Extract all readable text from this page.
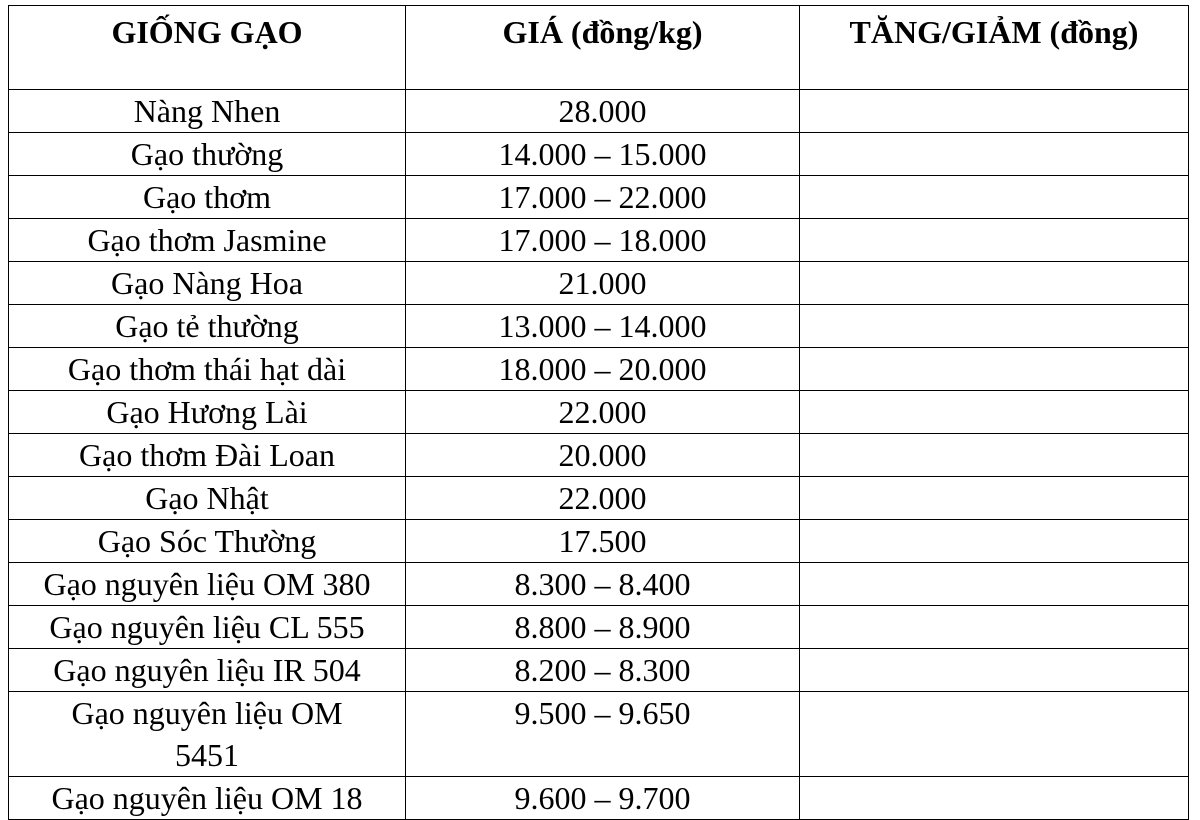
GIỐNG GẠO	GIÁ (đồng/kg)	TĂNG/GIẢM (đồng)
Nàng Nhen	28.000	
Gạo thường	14.000 – 15.000	
Gạo thơm	17.000 – 22.000	
Gạo thơm Jasmine	17.000 – 18.000	
Gạo Nàng Hoa	21.000	
Gạo tẻ thường	13.000 – 14.000	
Gạo thơm thái hạt dài	18.000 – 20.000	
Gạo Hương Lài	22.000	
Gạo thơm Đài Loan	20.000	
Gạo Nhật	22.000	
Gạo Sóc Thường	17.500	
Gạo nguyên liệu OM 380	8.300 – 8.400	
Gạo nguyên liệu CL 555	8.800 – 8.900	
Gạo nguyên liệu IR 504	8.200 – 8.300	
Gạo nguyên liệu OM 5451	9.500 – 9.650	
Gạo nguyên liệu OM 18	9.600 – 9.700	
